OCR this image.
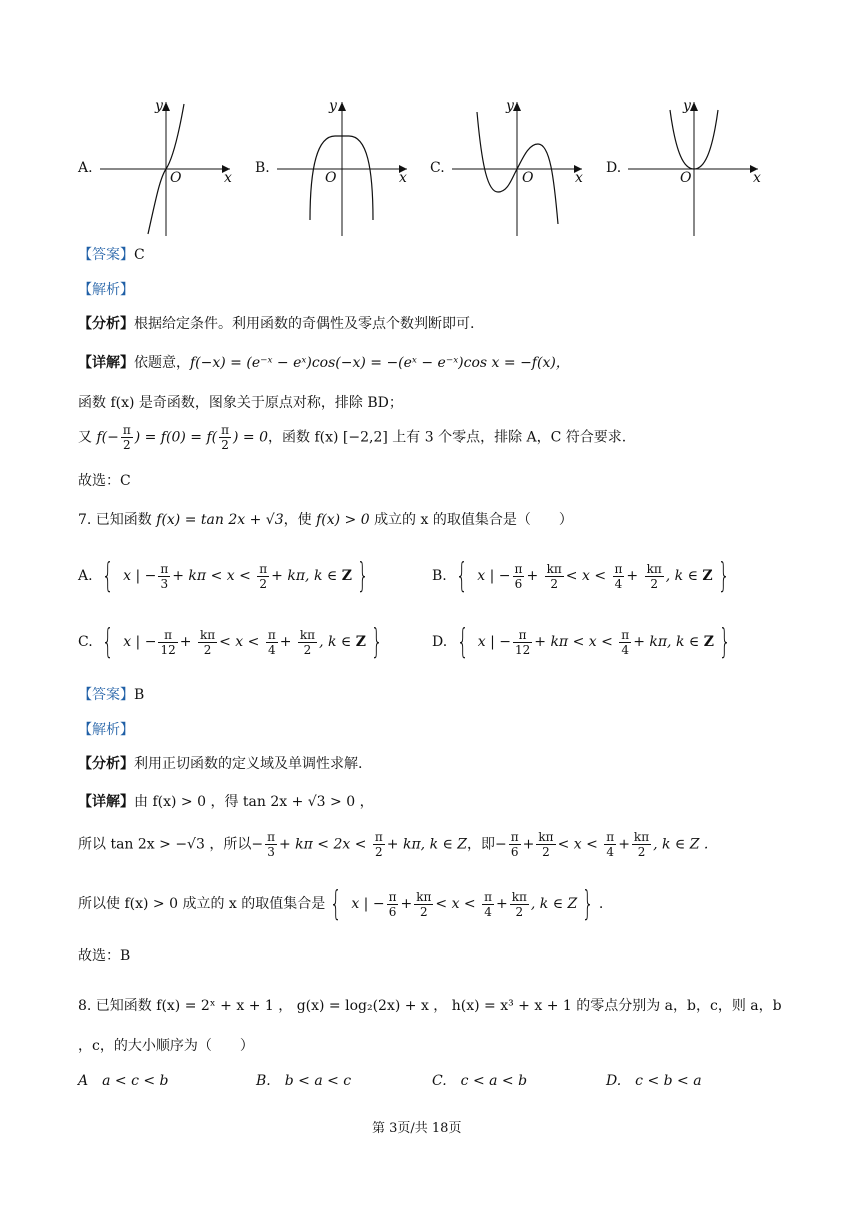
A.
y
x
O
B.
y
x
O
C.
y
x
O
D.
y
x
O
【答案】C
【解析】
【分析】根据给定条件。利用函数的奇偶性及零点个数判断即可.
【详解】依题意，f(−x) = (e⁻ˣ − eˣ)cos(−x) = −(eˣ − e⁻ˣ)cos x = −f(x)，
函数 f(x) 是奇函数，图象关于原点对称，排除 BD；
又 $f(- \frac{\pi}{2}$ ) = $f(0) = f( \frac{\pi}{2}$ ) = 0，函数 f(x) [−2,2] 上有 3 个零点，排除 A，C 符合要求.
故选：C
7. 已知函数 f(x) = tan 2x + √3，使 f(x) > 0 成立的 x 的取值集合是（　　）
A. { x | − $\frac{\pi}{3} + k\pi < x < \frac{\pi}{2} + k\pi$, k ∈ Z }	B. { x | − $\frac{\pi}{6} + \frac{k\pi}{2} < x < \frac{\pi}{4} + \frac{k\pi}{2}$ , k ∈ Z }
C. { x | − $\frac{\pi}{12} + \frac{k\pi}{2} < x < \frac{\pi}{4} + \frac{k\pi}{2}$ , k ∈ Z }	D. { x | − $\frac{\pi}{12} + k\pi < x < \frac{\pi}{4} + k\pi$, k ∈ Z }
【答案】B
【解析】
【分析】利用正切函数的定义域及单调性求解.
【详解】由 f(x) > 0 ，得 tan 2x + √3 > 0 ，
所以 tan 2x > −√3 ，所以− $\frac{\pi}{3} + k\pi < 2x < \frac{\pi}{2} + k\pi$, k ∈ Z，即− $\frac{\pi}{6} + \frac{k\pi}{2} < x < \frac{\pi}{4} + \frac{k\pi}{2}$ , k ∈ Z .
所以使 f(x) > 0 成立的 x 的取值集合是 { x | − $\frac{\pi}{6} + \frac{k\pi}{2} < x < \frac{\pi}{4} + \frac{k\pi}{2}$ , k ∈ Z } .
故选：B
8. 已知函数 f(x) = 2ˣ + x + 1 ， g(x) = log₂(2x) + x ， h(x) = x³ + x + 1 的零点分别为 a，b，c，则 a，b
，c，的大小顺序为（　　）
A　a < c < b	B.　b < a < c	C.　c < a < b	D.　c < b < a
第 3页/共 18页
